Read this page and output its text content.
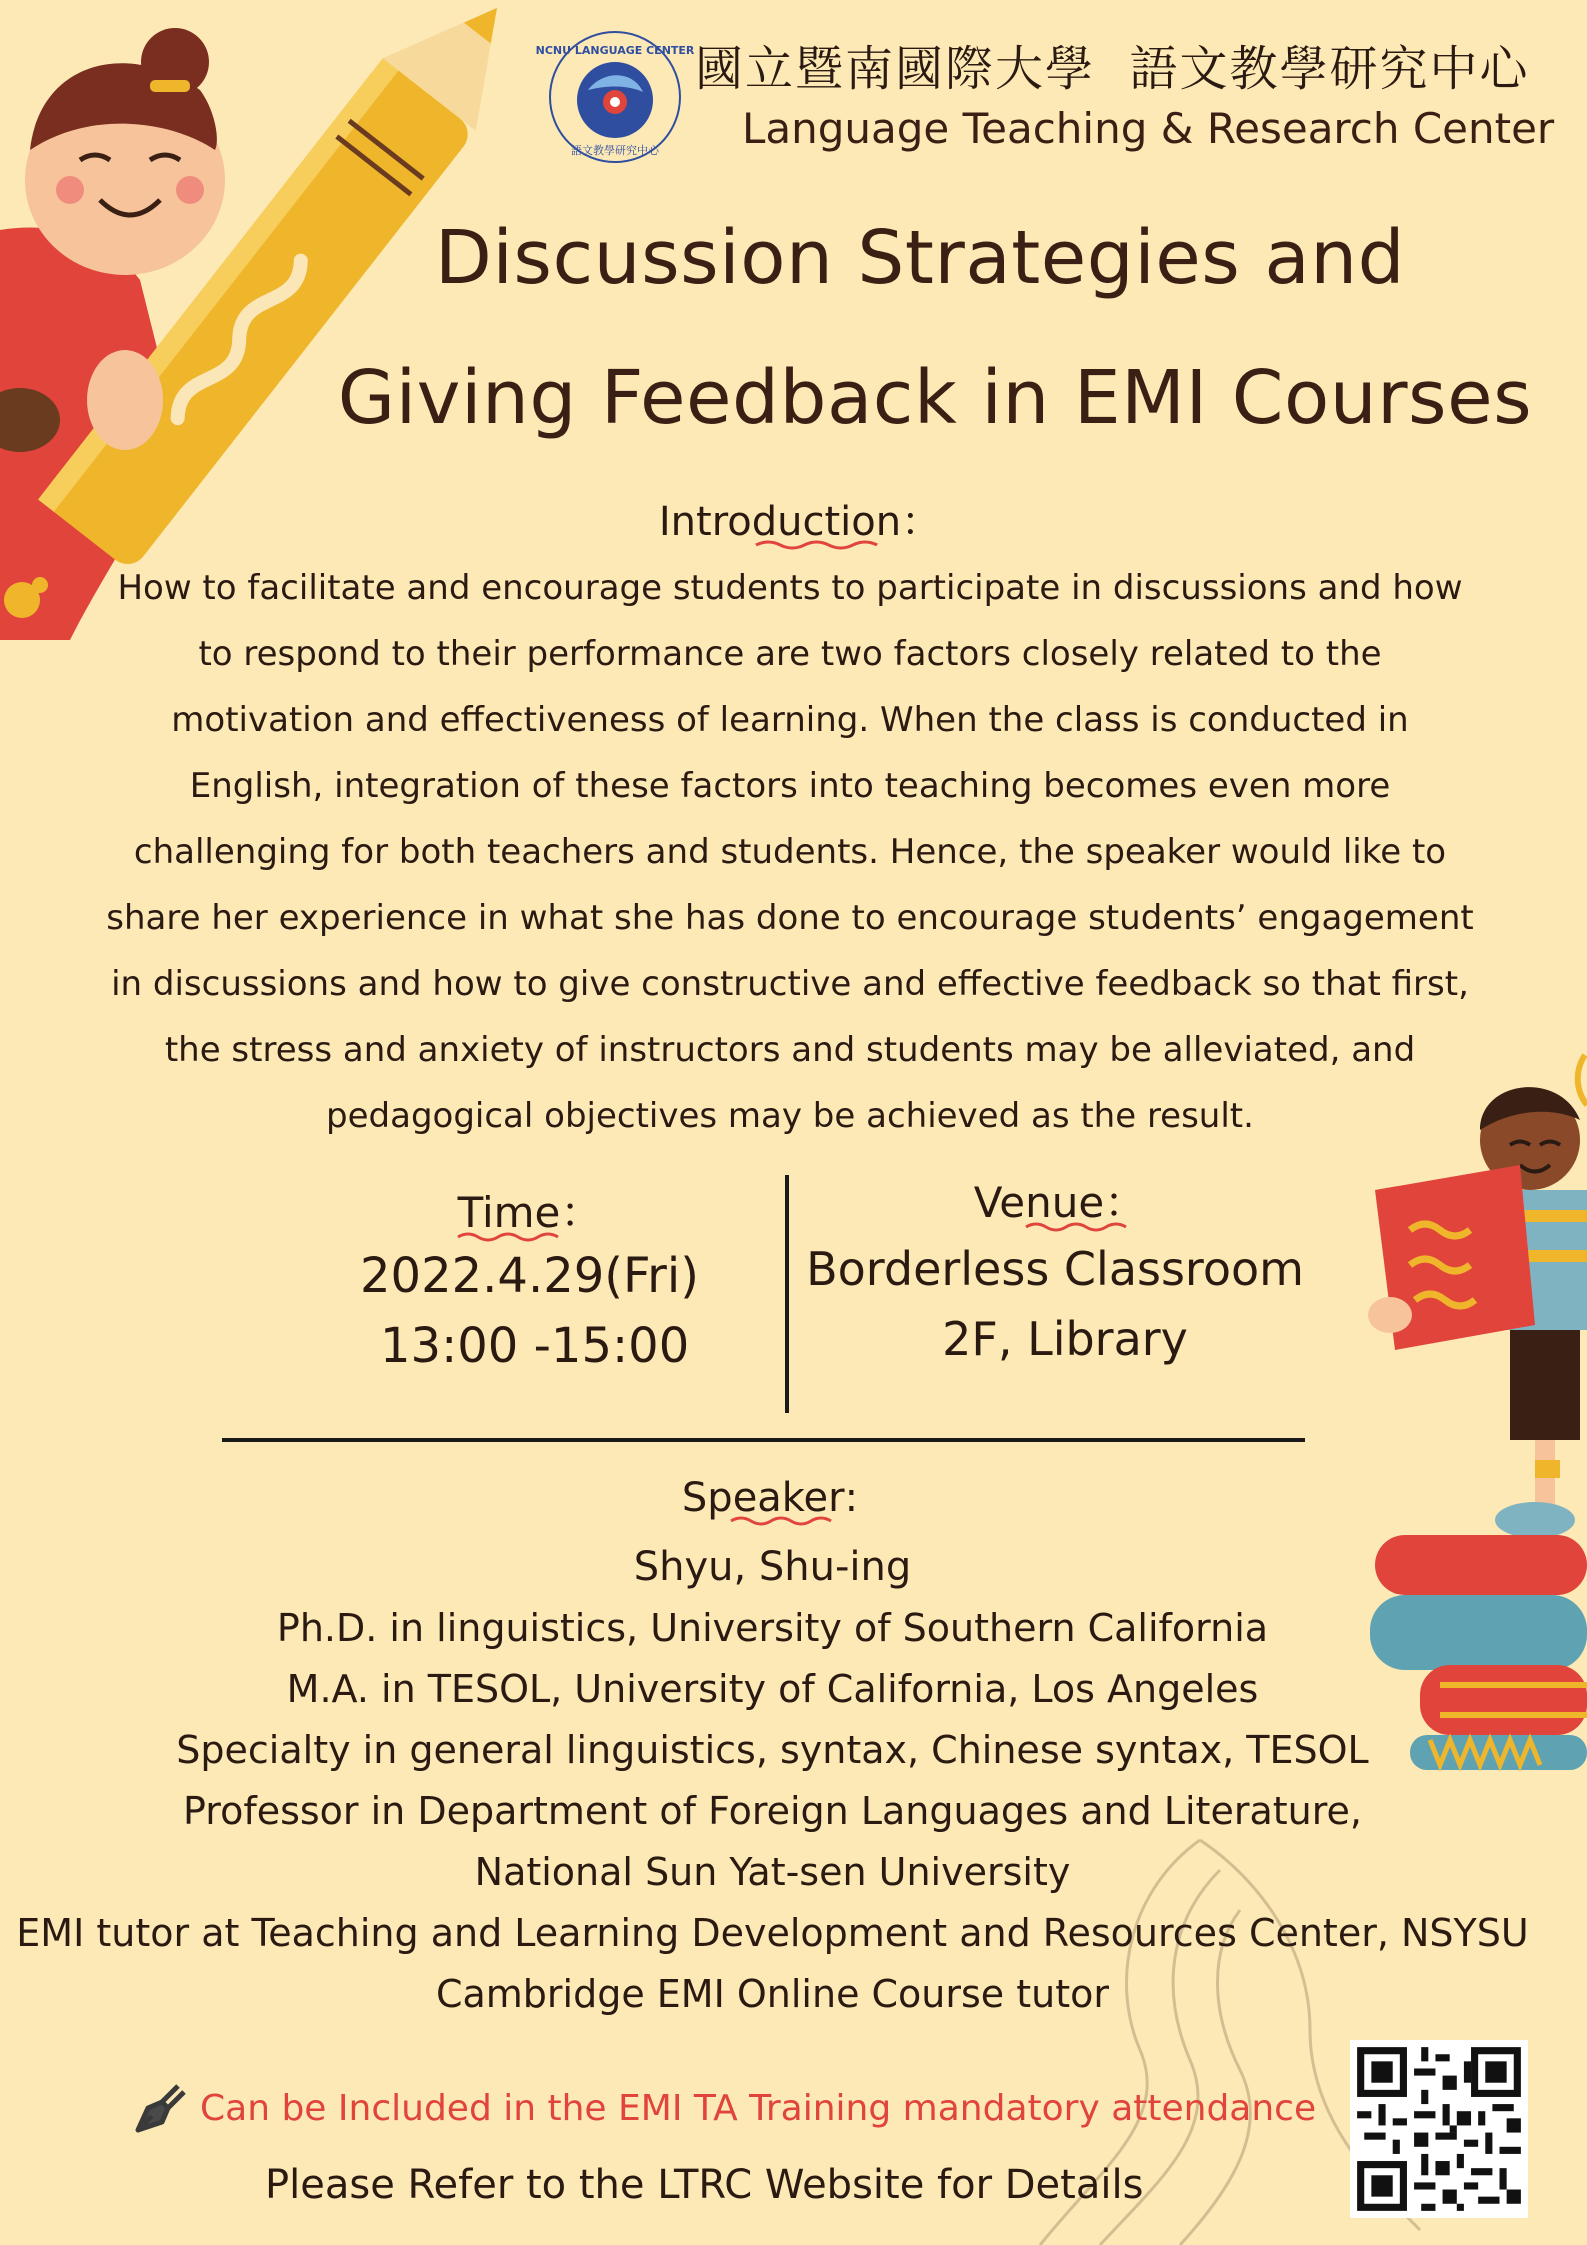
NCNU LANGUAGE CENTER
語文教學研究中心
國立暨南國際大學  語文教學研究中心
Language Teaching & Research Center
Discussion Strategies and
Giving Feedback in EMI Courses
Introduction
：
How to facilitate and encourage students to participate in discussions and how
to respond to their performance are two factors closely related to the
motivation and effectiveness of learning. When the class is conducted in
English, integration of these factors into teaching becomes even more
challenging for both teachers and students. Hence, the speaker would like to
share her experience in what she has done to encourage students’ engagement
in discussions and how to give constructive and effective feedback so that first,
the stress and anxiety of instructors and students may be alleviated, and
pedagogical objectives may be achieved as the result.
Time
：
2022.4.29(Fri)
13:00 -15:00
Venue
：
Borderless Classroom
2F, Library
Speaker
:
Shyu, Shu-ing
Ph.D. in linguistics, University of Southern California
M.A. in TESOL, University of California, Los Angeles
Specialty in general linguistics, syntax, Chinese syntax, TESOL
Professor in Department of Foreign Languages and Literature,
National Sun Yat-sen University
EMI tutor at Teaching and Learning Development and Resources Center, NSYSU
Cambridge EMI Online Course tutor
Can be Included in the EMI TA Training mandatory attendance
Please Refer to the LTRC Website for Details
